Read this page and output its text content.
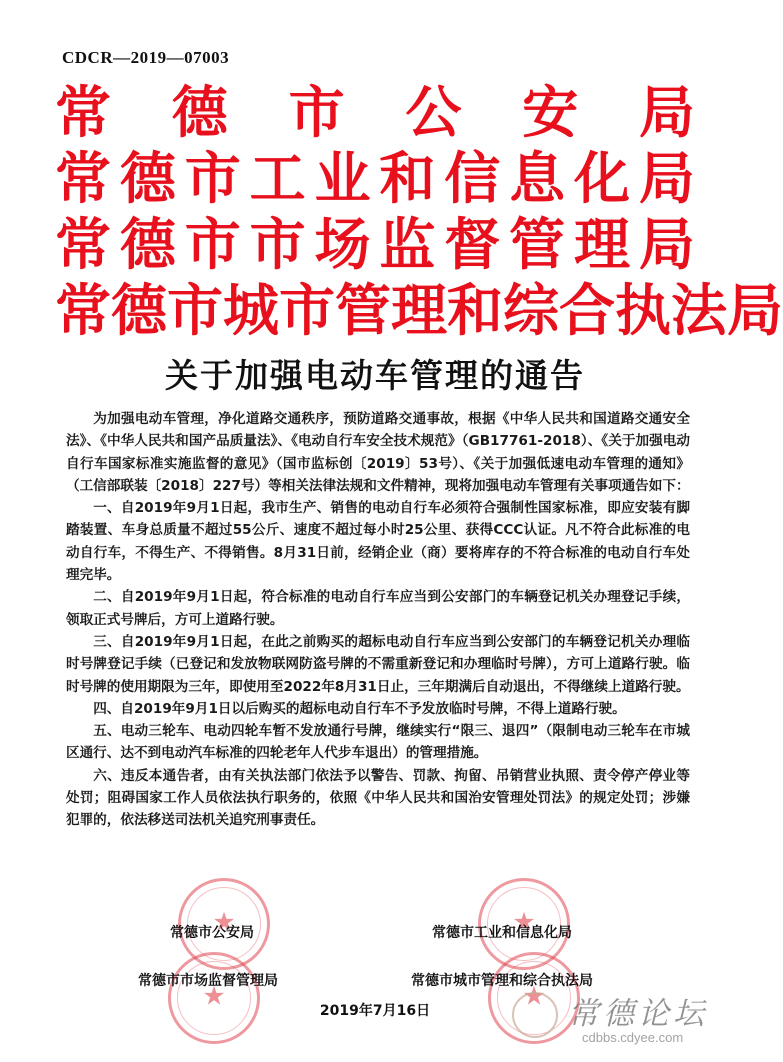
CDCR—2019—07003
常 德 市 公 安 局
常 德 市 工 业 和 信 息 化 局
常 德 市 市 场 监 督 管 理 局
常 德 市 城 市 管 理 和 综 合 执 法 局
关于加强电动车管理的通告

为加强电动车管理，净化道路交通秩序，预防道路交通事故，根据《中华人民共和国道路交通安全法》、《中华人民共和国产品质量法》、《电动自行车安全技术规范》（GB17761-2018）、《关于加强电动自行车国家标准实施监督的意见》（国市监标创〔2019〕53号）、《关于加强低速电动车管理的通知》（工信部联装〔2018〕227号）等相关法律法规和文件精神，现将加强电动车管理有关事项通告如下：

一、自2019年9月1日起，我市生产、销售的电动自行车必须符合强制性国家标准，即应安装有脚踏装置、车身总质量不超过55公斤、速度不超过每小时25公里、获得CCC认证。凡不符合此标准的电动自行车，不得生产、不得销售。8月31日前，经销企业（商）要将库存的不符合标准的电动自行车处理完毕。

二、自2019年9月1日起，符合标准的电动自行车应当到公安部门的车辆登记机关办理登记手续，领取正式号牌后，方可上道路行驶。

三、自2019年9月1日起，在此之前购买的超标电动自行车应当到公安部门的车辆登记机关办理临时号牌登记手续（已登记和发放物联网防盗号牌的不需重新登记和办理临时号牌），方可上道路行驶。临时号牌的使用期限为三年，即使用至2022年8月31日止，三年期满后自动退出，不得继续上道路行驶。

四、自2019年9月1日以后购买的超标电动自行车不予发放临时号牌，不得上道路行驶。

五、电动三轮车、电动四轮车暂不发放通行号牌，继续实行“限三、退四”（限制电动三轮车在市城区通行、达不到电动汽车标准的四轮老年人代步车退出）的管理措施。

六、违反本通告者，由有关执法部门依法予以警告、罚款、拘留、吊销营业执照、责令停产停业等处罚；阻碍国家工作人员依法执行职务的，依照《中华人民共和国治安管理处罚法》的规定处罚；涉嫌犯罪的，依法移送司法机关追究刑事责任。

★
★
★
★
常德市公安局	常德市工业和信息化局
常德市市场监督管理局	常德市城市管理和综合执法局
2019年7月16日	常德论坛
cdbbs.cdyee.com
